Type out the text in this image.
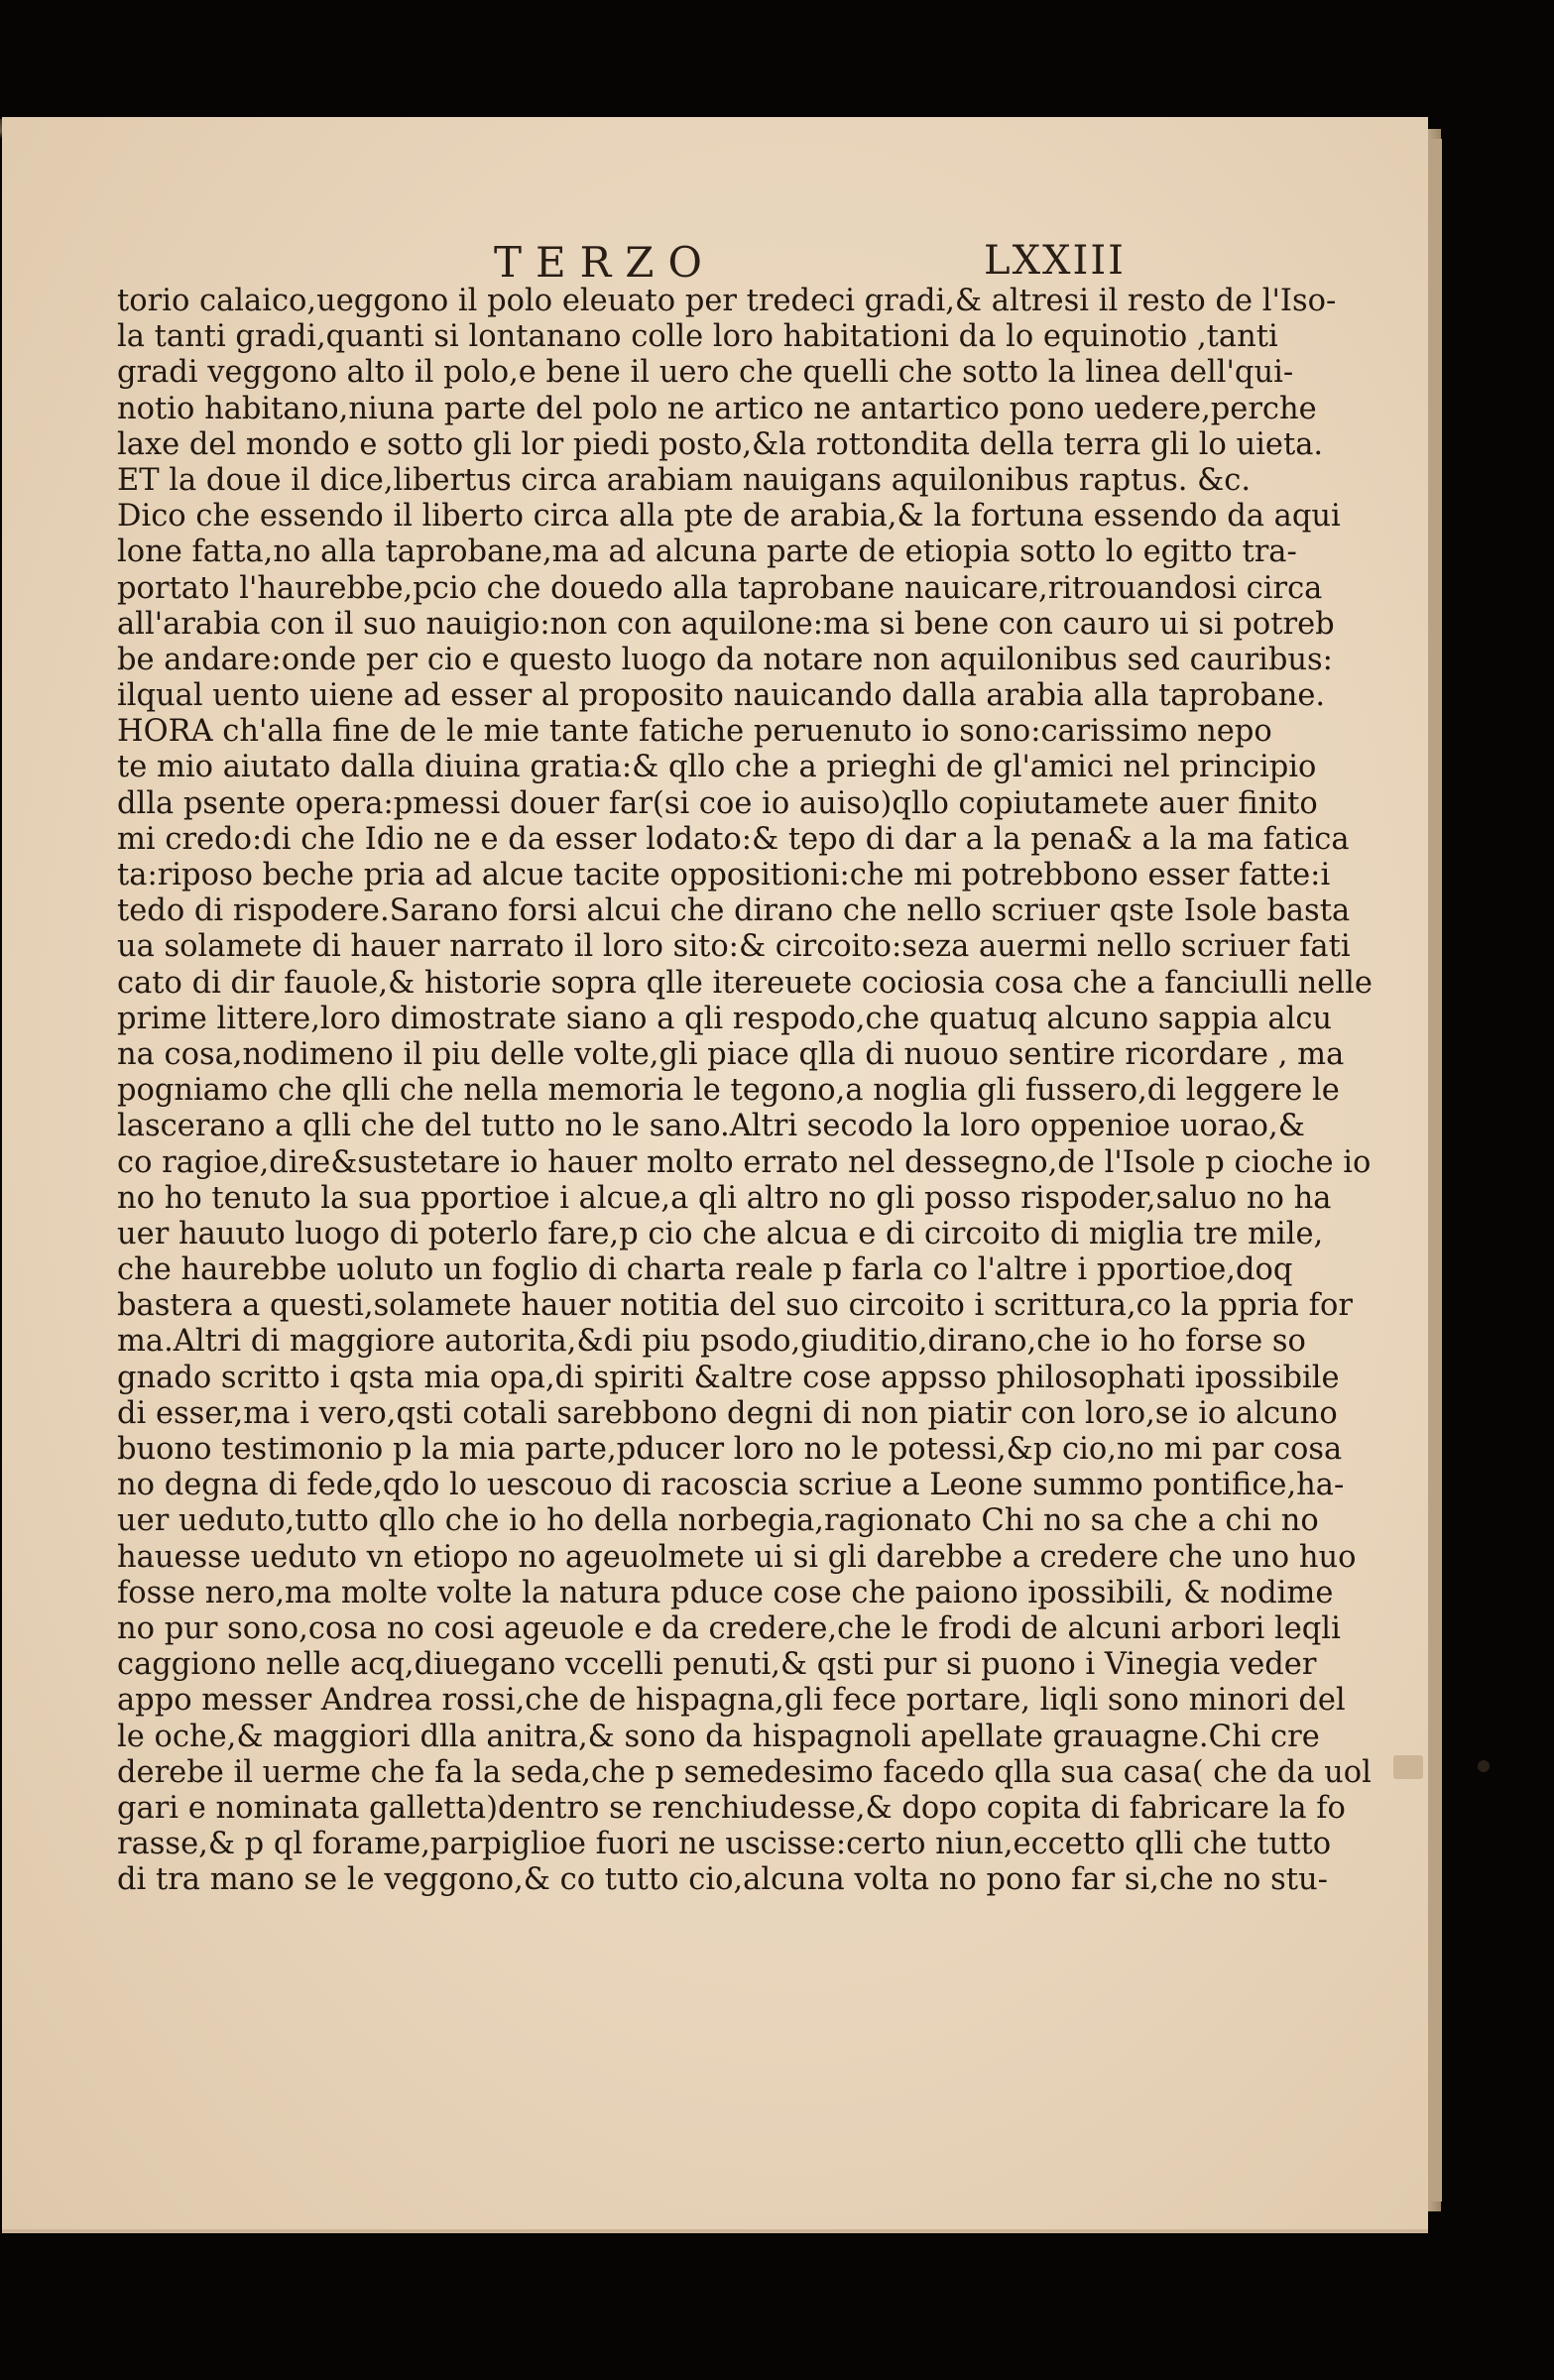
TERZO	LXXIII
torio calaico,ueggono il polo eleuato per tredeci gradi,& altresi il resto de l'Iso-
la tanti gradi,quanti si lontanano colle loro habitationi da lo equinotio ,tanti
gradi veggono alto il polo,e bene il uero che quelli che sotto la linea dell'qui-
notio habitano,niuna parte del polo ne artico ne antartico pono uedere,perche
laxe del mondo e sotto gli lor piedi posto,&la rottondita della terra gli lo uieta.
ET la doue il dice,libertus circa arabiam nauigans aquilonibus raptus. &c.
Dico che essendo il liberto circa alla pte de arabia,& la fortuna essendo da aqui
lone fatta,no alla taprobane,ma ad alcuna parte de etiopia sotto lo egitto tra-
portato l'haurebbe,pcio che douedo alla taprobane nauicare,ritrouandosi circa
all'arabia con il suo nauigio:non con aquilone:ma si bene con cauro ui si potreb
be andare:onde per cio e questo luogo da notare non aquilonibus sed cauribus:
ilqual uento uiene ad esser al proposito nauicando dalla arabia alla taprobane.
HORA ch'alla fine de le mie tante fatiche peruenuto io sono:carissimo nepo
te mio aiutato dalla diuina gratia:& qllo che a prieghi de gl'amici nel principio
dlla psente opera:pmessi douer far(si coe io auiso)qllo copiutamete auer finito
mi credo:di che Idio ne e da esser lodato:& tepo di dar a la pena& a la ma fatica
ta:riposo beche pria ad alcue tacite oppositioni:che mi potrebbono esser fatte:i
tedo di rispodere.Sarano forsi alcui che dirano che nello scriuer qste Isole basta
ua solamete di hauer narrato il loro sito:& circoito:seza auermi nello scriuer fati
cato di dir fauole,& historie sopra qlle itereuete cociosia cosa che a fanciulli nelle
prime littere,loro dimostrate siano a qli respodo,che quatuq alcuno sappia alcu
na cosa,nodimeno il piu delle volte,gli piace qlla di nuouo sentire ricordare , ma
pogniamo che qlli che nella memoria le tegono,a noglia gli fussero,di leggere le
lascerano a qlli che del tutto no le sano.Altri secodo la loro oppenioe uorao,&
co ragioe,dire&sustetare io hauer molto errato nel dessegno,de l'Isole p cioche io
no ho tenuto la sua pportioe i alcue,a qli altro no gli posso rispoder,saluo no ha
uer hauuto luogo di poterlo fare,p cio che alcua e di circoito di miglia tre mile,
che haurebbe uoluto un foglio di charta reale p farla co l'altre i pportioe,doq
bastera a questi,solamete hauer notitia del suo circoito i scrittura,co la ppria for
ma.Altri di maggiore autorita,&di piu psodo,giuditio,dirano,che io ho forse so
gnado scritto i qsta mia opa,di spiriti &altre cose appsso philosophati ipossibile
di esser,ma i vero,qsti cotali sarebbono degni di non piatir con loro,se io alcuno
buono testimonio p la mia parte,pducer loro no le potessi,&p cio,no mi par cosa
no degna di fede,qdo lo uescouo di racoscia scriue a Leone summo pontifice,ha-
uer ueduto,tutto qllo che io ho della norbegia,ragionato Chi no sa che a chi no
hauesse ueduto vn etiopo no ageuolmete ui si gli darebbe a credere che uno huo
fosse nero,ma molte volte la natura pduce cose che paiono ipossibili, & nodime
no pur sono,cosa no cosi ageuole e da credere,che le frodi de alcuni arbori leqli
caggiono nelle acq,diuegano vccelli penuti,& qsti pur si puono i Vinegia veder
appo messer Andrea rossi,che de hispagna,gli fece portare, liqli sono minori del
le oche,& maggiori dlla anitra,& sono da hispagnoli apellate grauagne.Chi cre
derebe il uerme che fa la seda,che p semedesimo facedo qlla sua casa( che da uol
gari e nominata galletta)dentro se renchiudesse,& dopo copita di fabricare la fo
rasse,& p ql forame,parpiglioe fuori ne uscisse:certo niun,eccetto qlli che tutto
di tra mano se le veggono,& co tutto cio,alcuna volta no pono far si,che no stu-
